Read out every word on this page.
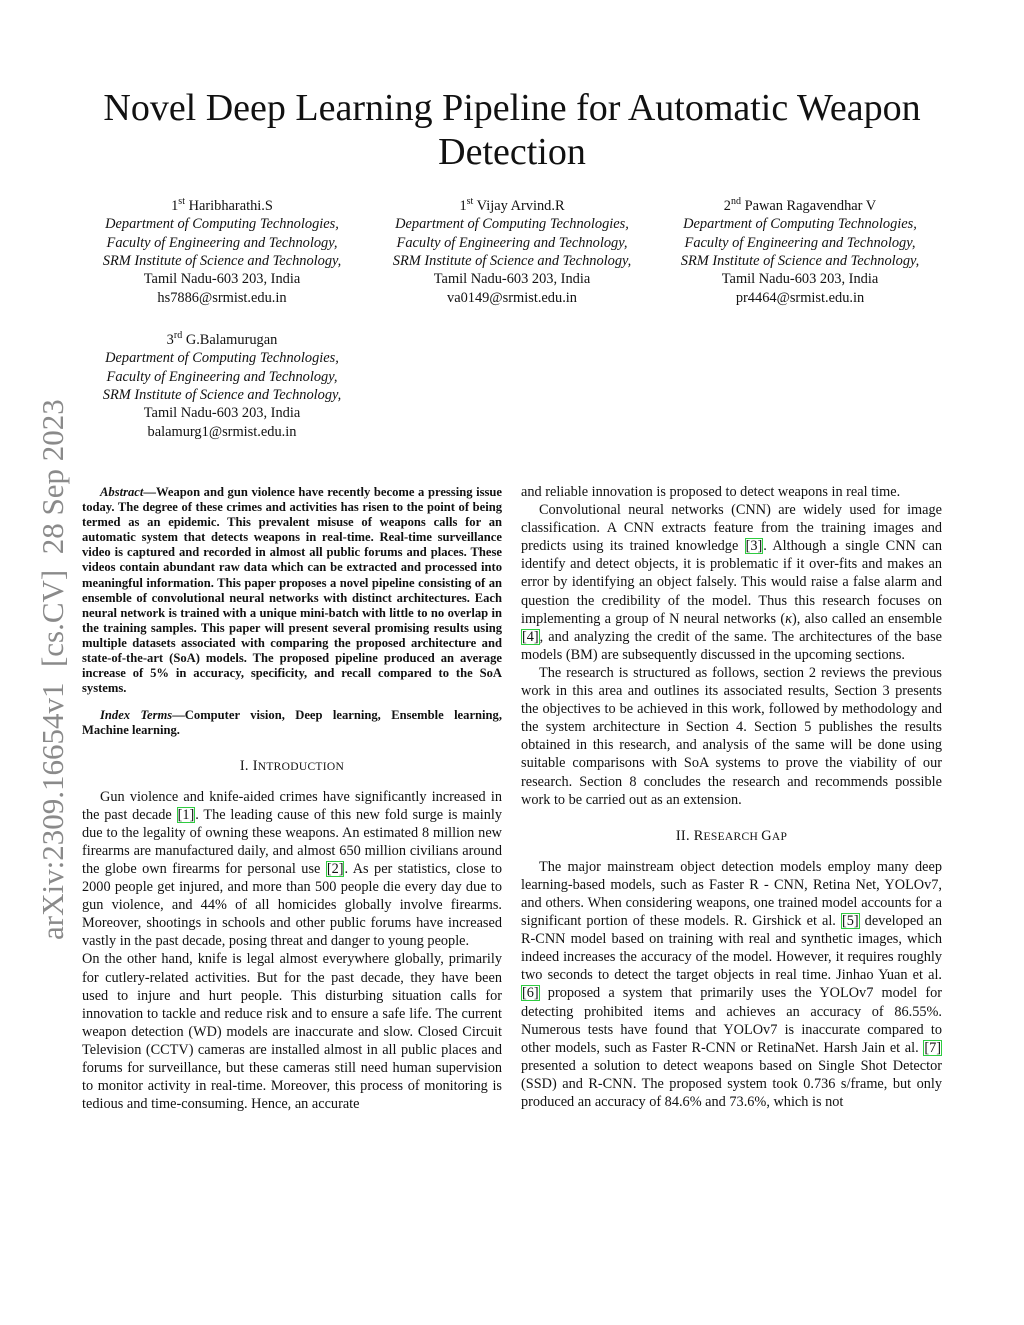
arXiv:2309.16654v1  [cs.CV]  28 Sep 2023
Novel Deep Learning Pipeline for Automatic Weapon Detection
1st Haribharathi.S
Department of Computing Technologies,
Faculty of Engineering and Technology,
SRM Institute of Science and Technology,
Tamil Nadu-603 203, India
hs7886@srmist.edu.in
1st Vijay Arvind.R
Department of Computing Technologies,
Faculty of Engineering and Technology,
SRM Institute of Science and Technology,
Tamil Nadu-603 203, India
va0149@srmist.edu.in
2nd Pawan Ragavendhar V
Department of Computing Technologies,
Faculty of Engineering and Technology,
SRM Institute of Science and Technology,
Tamil Nadu-603 203, India
pr4464@srmist.edu.in
3rd G.Balamurugan
Department of Computing Technologies,
Faculty of Engineering and Technology,
SRM Institute of Science and Technology,
Tamil Nadu-603 203, India
balamurg1@srmist.edu.in

Abstract—Weapon and gun violence have recently become a pressing issue today. The degree of these crimes and activities has risen to the point of being termed as an epidemic. This prevalent misuse of weapons calls for an automatic system that detects weapons in real-time. Real-time surveillance video is captured and recorded in almost all public forums and places. These videos contain abundant raw data which can be extracted and processed into meaningful information. This paper proposes a novel pipeline consisting of an ensemble of convolutional neural networks with distinct architectures. Each neural network is trained with a unique mini-batch with little to no overlap in the training samples. This paper will present several promising results using multiple datasets associated with comparing the proposed architecture and state-of-the-art (SoA) models. The proposed pipeline produced an average increase of 5% in accuracy, specificity, and recall compared to the SoA systems.

Index Terms—Computer vision, Deep learning, Ensemble learning, Machine learning.

I. INTRODUCTION

Gun violence and knife-aided crimes have significantly increased in the past decade [1]. The leading cause of this new fold surge is mainly due to the legality of owning these weapons. An estimated 8 million new firearms are manufactured daily, and almost 650 million civilians around the globe own firearms for personal use [2]. As per statistics, close to 2000 people get injured, and more than 500 people die every day due to gun violence, and 44% of all homicides globally involve firearms. Moreover, shootings in schools and other public forums have increased vastly in the past decade, posing threat and danger to young people.

On the other hand, knife is legal almost everywhere globally, primarily for cutlery-related activities. But for the past decade, they have been used to injure and hurt people. This disturbing situation calls for innovation to tackle and reduce risk and to ensure a safe life. The current weapon detection (WD) models are inaccurate and slow. Closed Circuit Television (CCTV) cameras are installed almost in all public places and forums for surveillance, but these cameras still need human supervision to monitor activity in real-time. Moreover, this process of monitoring is tedious and time-consuming. Hence, an accurate

and reliable innovation is proposed to detect weapons in real time.

Convolutional neural networks (CNN) are widely used for image classification. A CNN extracts feature from the training images and predicts using its trained knowledge [3]. Although a single CNN can identify and detect objects, it is problematic if it over-fits and makes an error by identifying an object falsely. This would raise a false alarm and question the credibility of the model. Thus this research focuses on implementing a group of N neural networks (κ), also called an ensemble [4], and analyzing the credit of the same. The architectures of the base models (BM) are subsequently discussed in the upcoming sections.

The research is structured as follows, section 2 reviews the previous work in this area and outlines its associated results, Section 3 presents the objectives to be achieved in this work, followed by methodology and the system architecture in Section 4. Section 5 publishes the results obtained in this research, and analysis of the same will be done using suitable comparisons with SoA systems to prove the viability of our research. Section 8 concludes the research and recommends possible work to be carried out as an extension.

II. RESEARCH GAP

The major mainstream object detection models employ many deep learning-based models, such as Faster R - CNN, Retina Net, YOLOv7, and others. When considering weapons, one trained model accounts for a significant portion of these models. R. Girshick et al. [5] developed an R-CNN model based on training with real and synthetic images, which indeed increases the accuracy of the model. However, it requires roughly two seconds to detect the target objects in real time. Jinhao Yuan et al. [6] proposed a system that primarily uses the YOLOv7 model for detecting prohibited items and achieves an accuracy of 86.55%. Numerous tests have found that YOLOv7 is inaccurate compared to other models, such as Faster R-CNN or RetinaNet. Harsh Jain et al. [7] presented a solution to detect weapons based on Single Shot Detector (SSD) and R-CNN. The proposed system took 0.736 s/frame, but only produced an accuracy of 84.6% and 73.6%, which is not
